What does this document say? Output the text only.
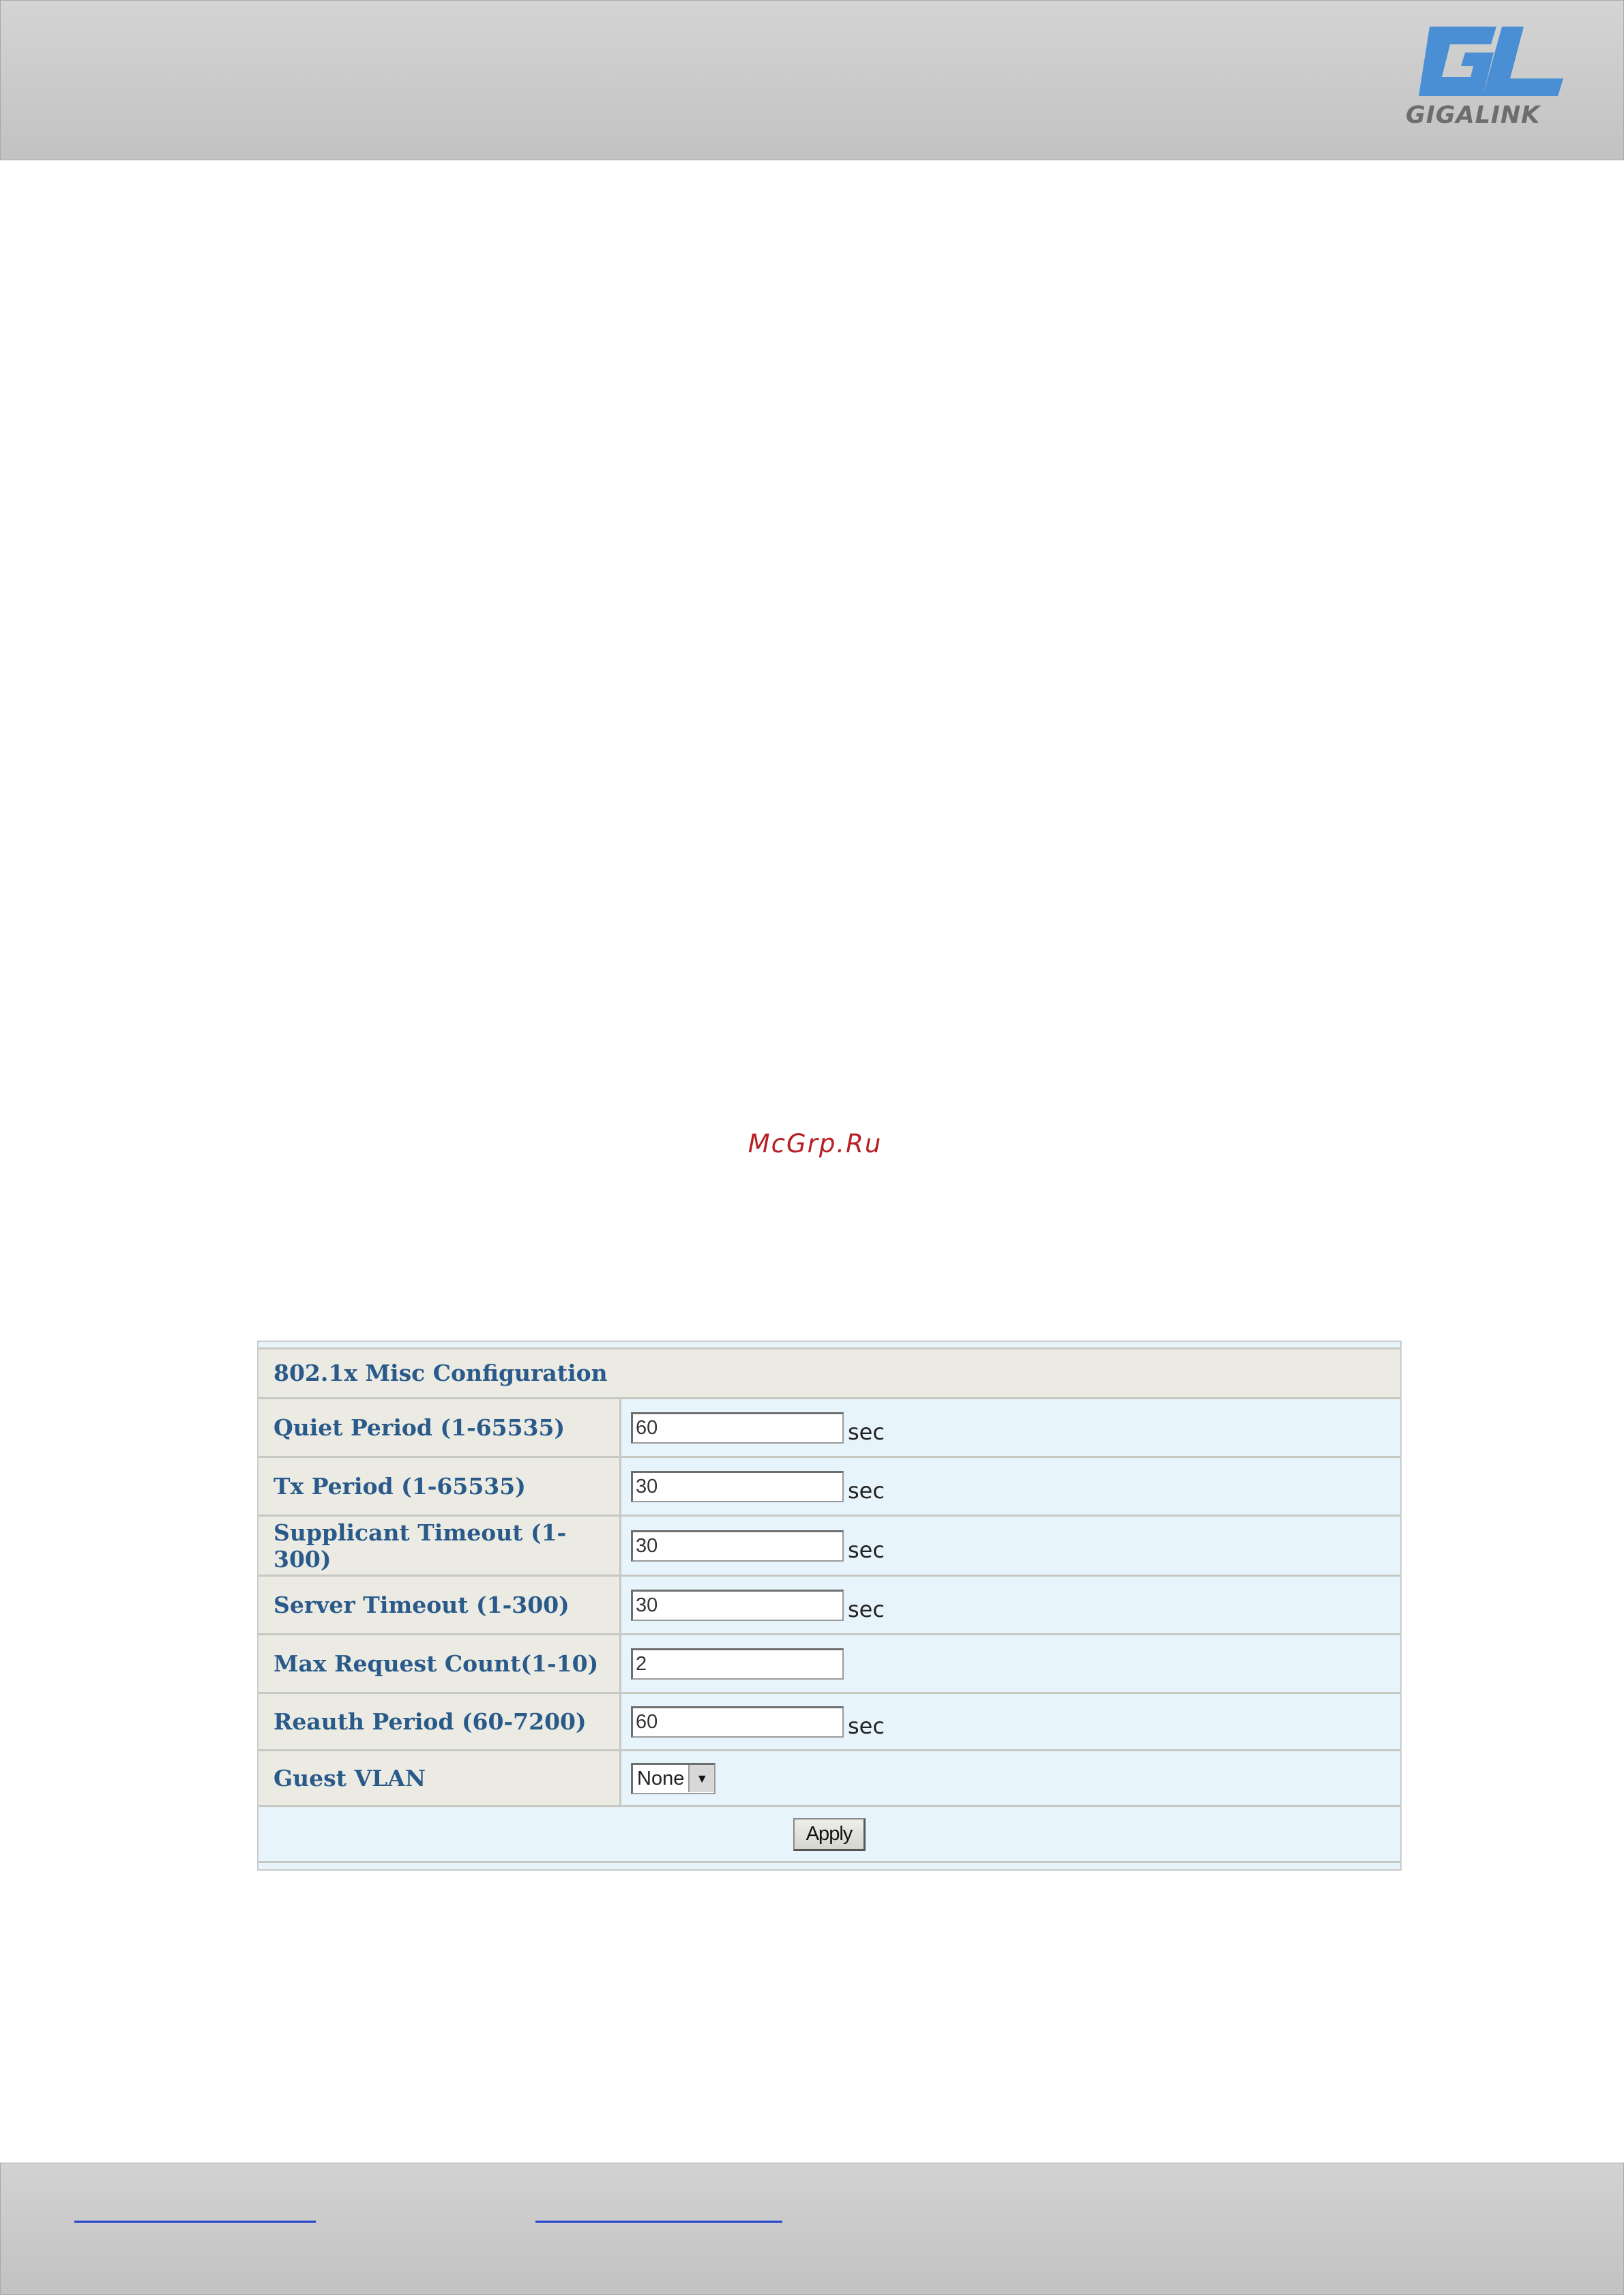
GIGALINK
McGrp.Ru
802.1x Misc Configuration
Quiet Period (1-65535)	60	sec
Tx Period (1-65535)	30	sec
Supplicant Timeout (1-300)	30	sec
Server Timeout (1-300)	30	sec
Max Request Count(1-10)	2
Reauth Period (60-7200)	60	sec
Guest VLAN	None ▼
Apply
